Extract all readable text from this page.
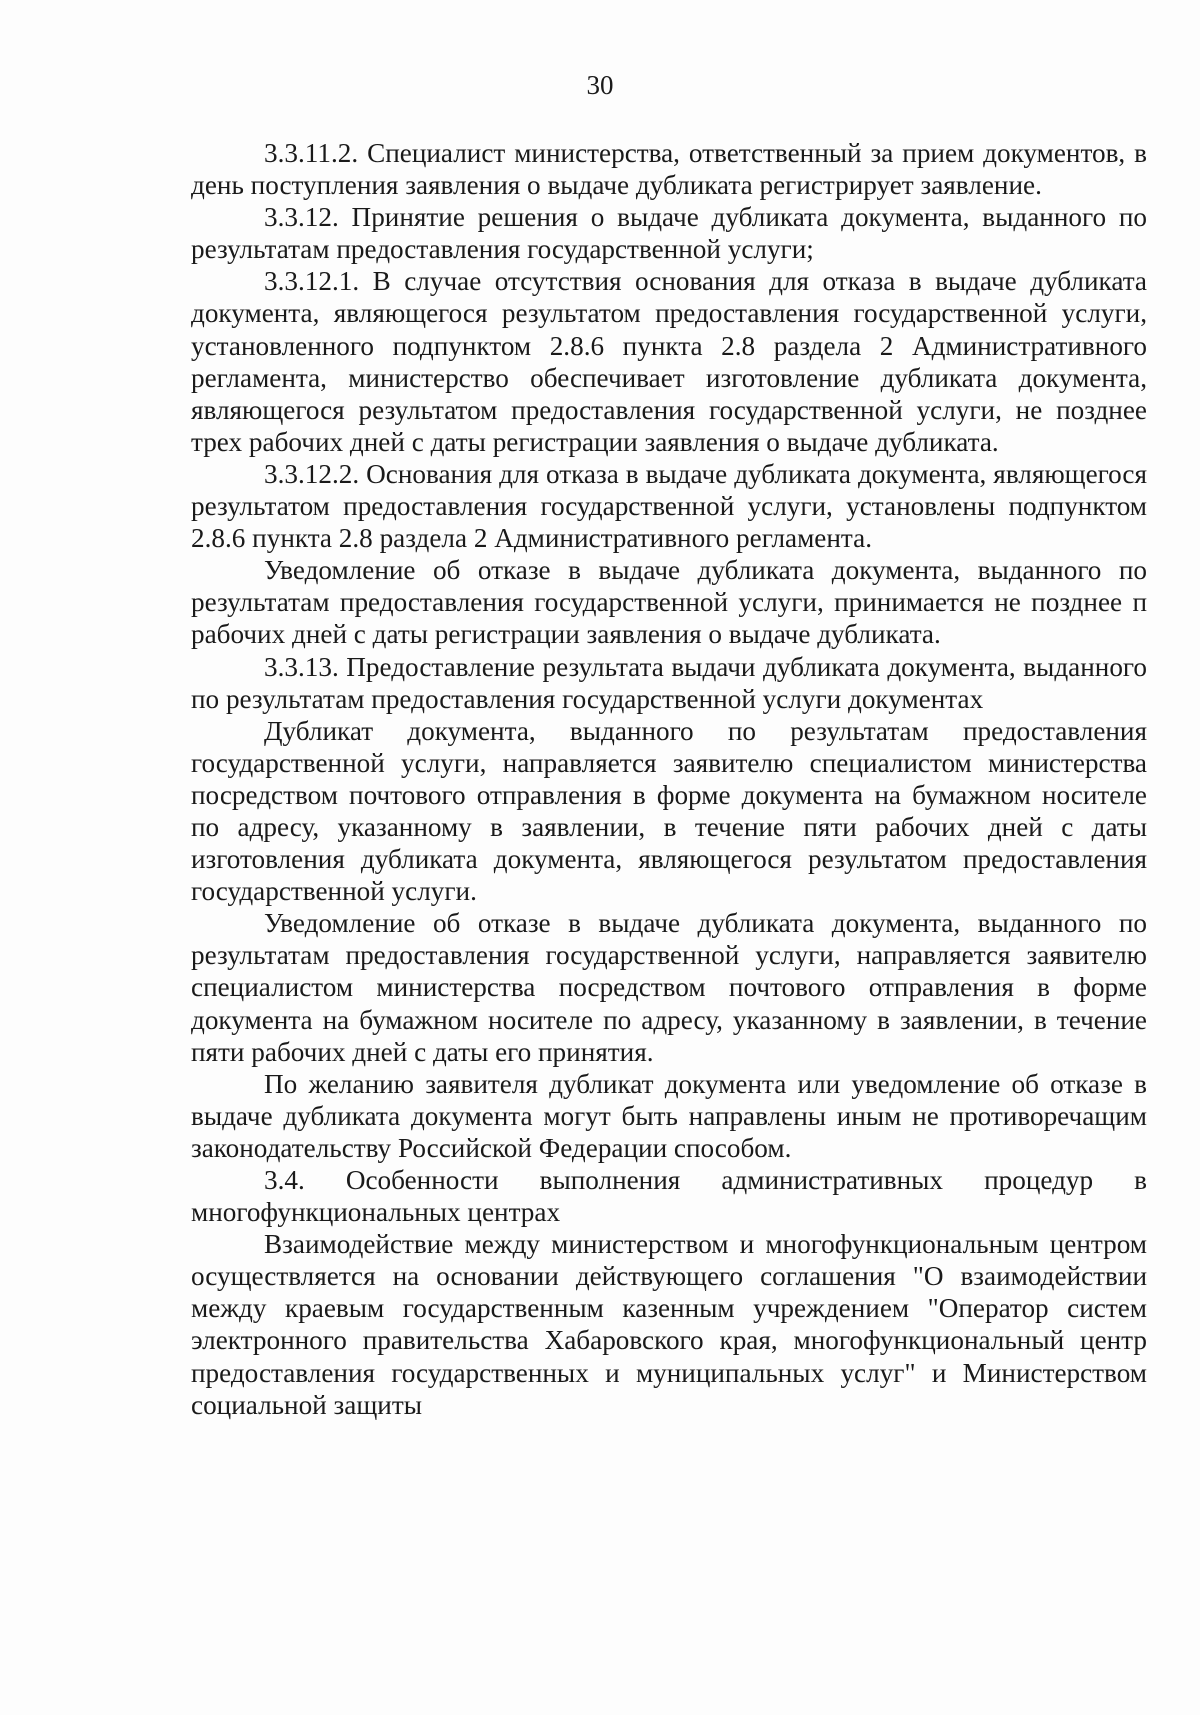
30

3.3.11.2. Специалист министерства, ответственный за прием документов, в день поступления заявления о выдаче дубликата регистрирует заявление.

3.3.12. Принятие решения о выдаче дубликата документа, выданного по результатам предоставления государственной услуги;

3.3.12.1. В случае отсутствия основания для отказа в выдаче дубликата документа, являющегося результатом предоставления государственной услуги, установленного подпунктом 2.8.6 пункта 2.8 раздела 2 Административного регламента, министерство обеспечивает изготовление дубликата документа, являющегося результатом предоставления государственной услуги, не позднее трех рабочих дней с даты регистрации заявления о выдаче дубликата.

3.3.12.2. Основания для отказа в выдаче дубликата документа, являющегося результатом предоставления государственной услуги, установлены подпунктом 2.8.6 пункта 2.8 раздела 2 Административного регламента.

Уведомление об отказе в выдаче дубликата документа, выданного по результатам предоставления государственной услуги, принимается не позднее п рабочих дней с даты регистрации заявления о выдаче дубликата.

3.3.13. Предоставление результата выдачи дубликата документа, выданного по результатам предоставления государственной услуги документах

Дубликат документа, выданного по результатам предоставления государственной услуги, направляется заявителю специалистом министерства посредством почтового отправления в форме документа на бумажном носителе по адресу, указанному в заявлении, в течение пяти рабочих дней с даты изготовления дубликата документа, являющегося результатом предоставления государственной услуги.

Уведомление об отказе в выдаче дубликата документа, выданного по результатам предоставления государственной услуги, направляется заявителю специалистом министерства посредством почтового отправления в форме документа на бумажном носителе по адресу, указанному в заявлении, в течение пяти рабочих дней с даты его принятия.

По желанию заявителя дубликат документа или уведомление об отказе в выдаче дубликата документа могут быть направлены иным не противоречащим законодательству Российской Федерации способом.

3.4. Особенности выполнения административных процедур в многофункциональных центрах

Взаимодействие между министерством и многофункциональным центром осуществляется на основании действующего соглашения "О взаимодействии между краевым государственным казенным учреждением "Оператор систем электронного правительства Хабаровского края, многофункциональный центр предоставления государственных и муниципальных услуг" и Министерством социальной защиты
